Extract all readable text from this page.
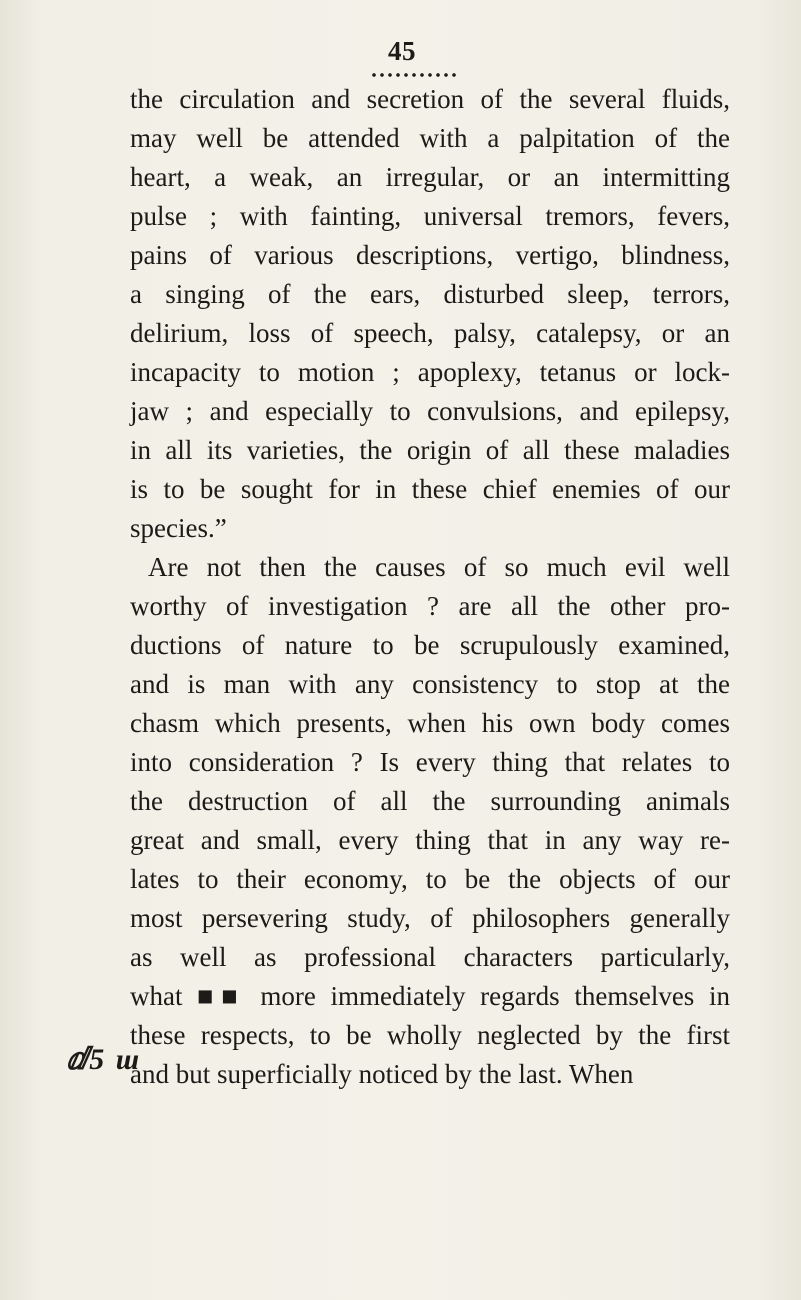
45
ⅆ5 ɯ
the circulation and secretion of the several fluids,
may well be attended with a palpitation of the
heart, a weak, an irregular, or an intermitting
pulse ; with fainting, universal tremors, fevers,
pains of various descriptions, vertigo, blindness,
a singing of the ears, disturbed sleep, terrors,
delirium, loss of speech, palsy, catalepsy, or an
incapacity to motion ; apoplexy, tetanus or lock-
jaw ; and especially to convulsions, and epilepsy,
in all its varieties, the origin of all these maladies
is to be sought for in these chief enemies of our
species.”
Are not then the causes of so much evil well
worthy of investigation ? are all the other pro-
ductions of nature to be scrupulously examined,
and is man with any consistency to stop at the
chasm which presents, when his own body comes
into consideration ? Is every thing that relates to
the destruction of all the surrounding animals
great and small, every thing that in any way re-
lates to their economy, to be the objects of our
most persevering study, of philosophers generally
as well as professional characters particularly,
what ■■ more immediately regards themselves in
these respects, to be wholly neglected by the first
and but superficially noticed by the last. When
